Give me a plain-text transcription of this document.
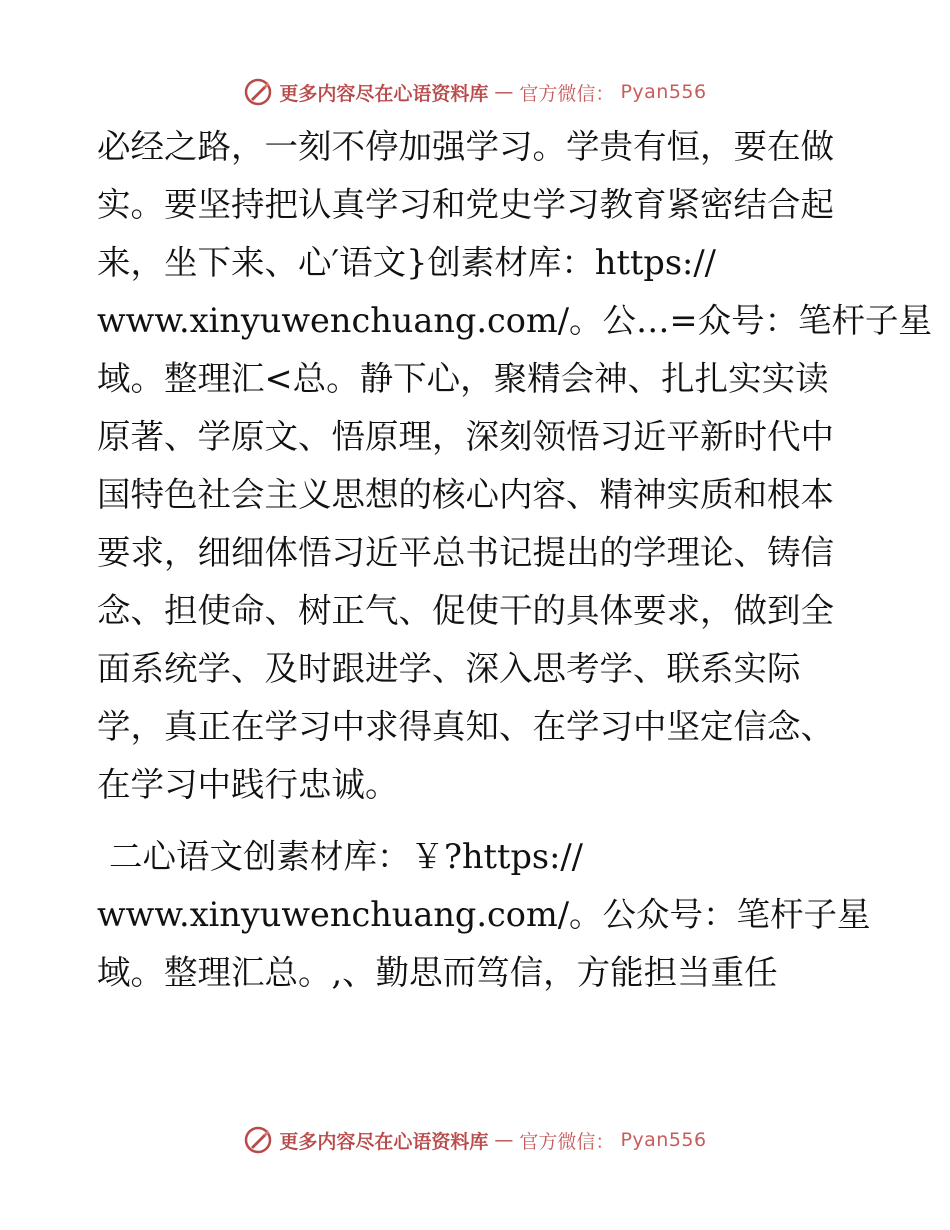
更多内容尽在心语资料库 — 官方微信： Pyan556

必经之路，一刻不停加强学习。学贵有恒，要在做
实。要坚持把认真学习和党史学习教育紧密结合起
来，坐下来、心′语文}创素材库：https://
www.xinyuwenchuang.com/。公…=众号：笔杆子星
域。整理汇<总。静下心，聚精会神、扎扎实实读
原著、学原文、悟原理，深刻领悟习近平新时代中
国特色社会主义思想的核心内容、精神实质和根本
要求，细细体悟习近平总书记提出的学理论、铸信
念、担使命、树正气、促使干的具体要求，做到全
面系统学、及时跟进学、深入思考学、联系实际
学，真正在学习中求得真知、在学习中坚定信念、
在学习中践行忠诚。

二心语文创素材库：￥?https://
www.xinyuwenchuang.com/。公众号：笔杆子星
域。整理汇总。,、勤思而笃信，方能担当重任

更多内容尽在心语资料库 — 官方微信： Pyan556
